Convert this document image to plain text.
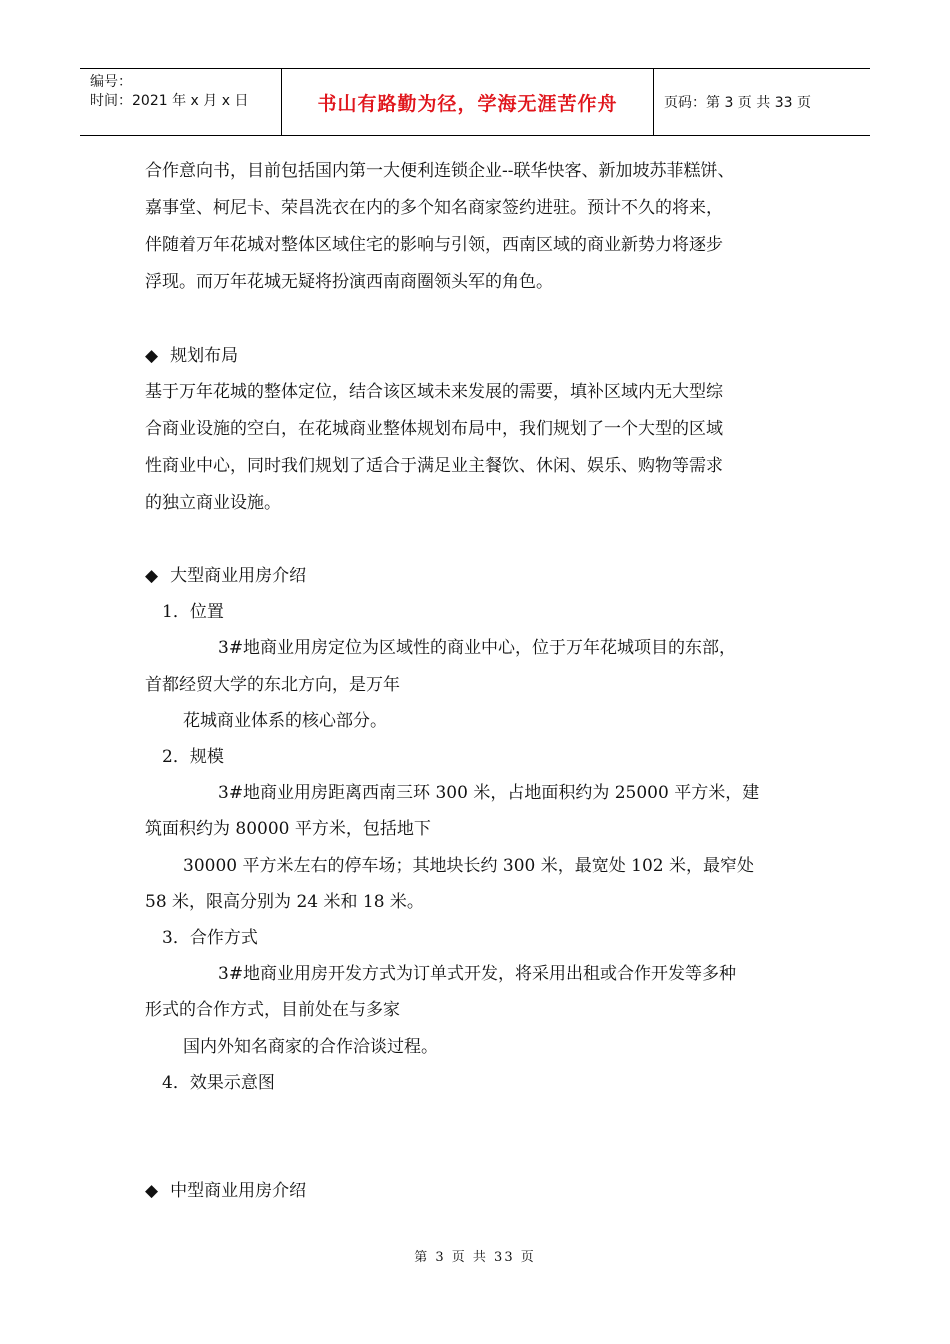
编号：
时间：2021 年 x 月 x 日	书山有路勤为径，学海无涯苦作舟	页码：第 3 页 共 33 页
合作意向书，目前包括国内第一大便利连锁企业--联华快客、新加坡苏菲糕饼、
嘉事堂、柯尼卡、荣昌洗衣在内的多个知名商家签约进驻。预计不久的将来，
伴随着万年花城对整体区域住宅的影响与引领，西南区域的商业新势力将逐步
浮现。而万年花城无疑将扮演西南商圈领头军的角色。
◆ 规划布局
基于万年花城的整体定位，结合该区域未来发展的需要，填补区域内无大型综
合商业设施的空白，在花城商业整体规划布局中，我们规划了一个大型的区域
性商业中心，同时我们规划了适合于满足业主餐饮、休闲、娱乐、购物等需求
的独立商业设施。
◆ 大型商业用房介绍
1．位置
3#地商业用房定位为区域性的商业中心，位于万年花城项目的东部，
首都经贸大学的东北方向，是万年
花城商业体系的核心部分。
2．规模
3#地商业用房距离西南三环 300 米，占地面积约为 25000 平方米，建
筑面积约为 80000 平方米，包括地下
30000 平方米左右的停车场；其地块长约 300 米，最宽处 102 米，最窄处
58 米，限高分别为 24 米和 18 米。
3．合作方式
3#地商业用房开发方式为订单式开发，将采用出租或合作开发等多种
形式的合作方式，目前处在与多家
国内外知名商家的合作洽谈过程。
4．效果示意图
◆ 中型商业用房介绍
第 3 页 共 33 页
